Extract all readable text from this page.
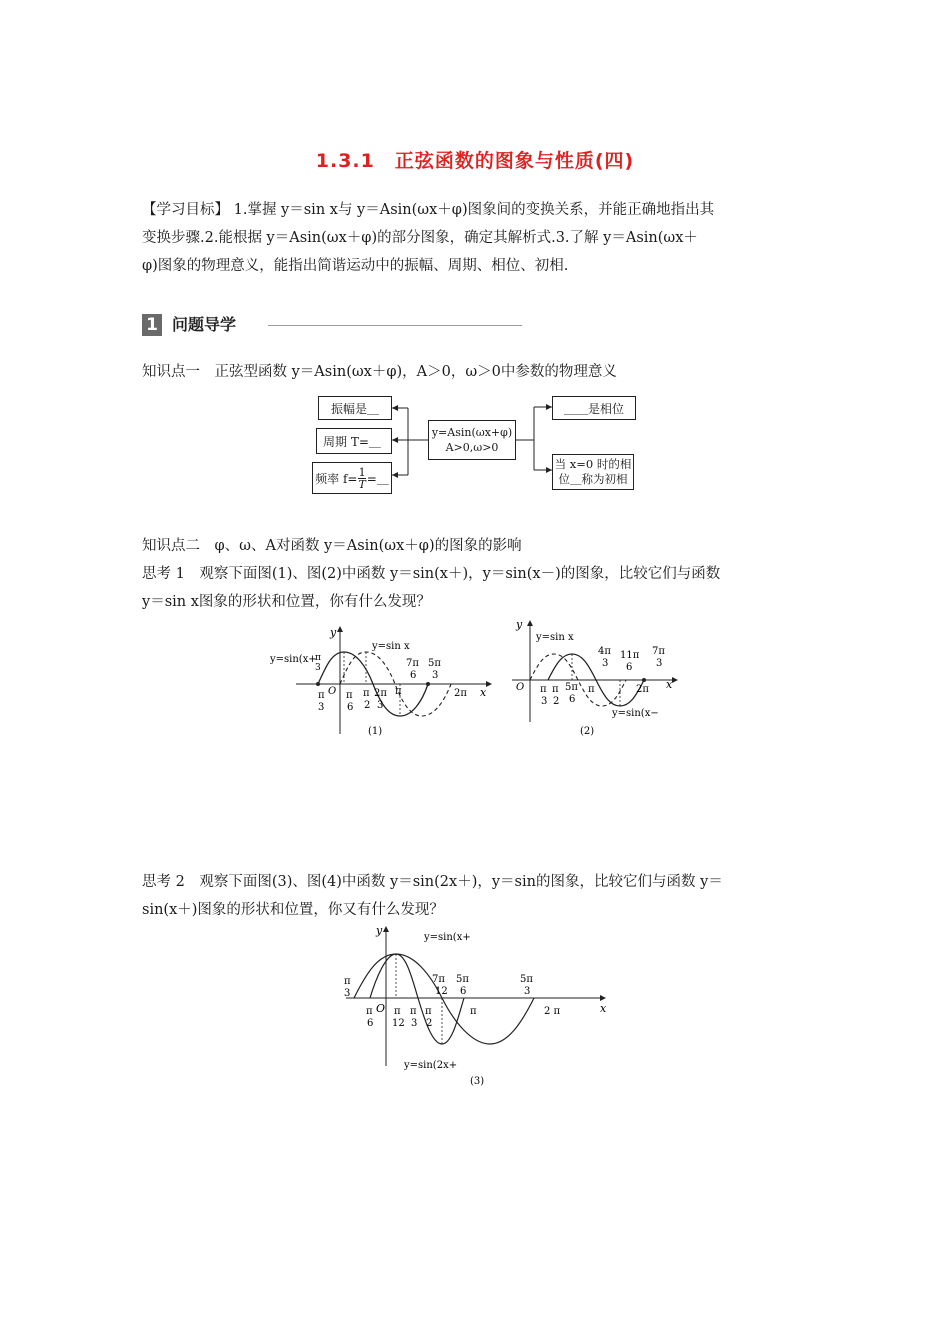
1.3.1　正弦函数的图象与性质(四)
【学习目标】 1.掌握 y＝sin x与 y＝Asin(ωx＋φ)图象间的变换关系，并能正确地指出其
变换步骤.2.能根据 y＝Asin(ωx＋φ)的部分图象，确定其解析式.3.了解 y＝Asin(ωx＋
φ)图象的物理意义，能指出简谐运动中的振幅、周期、相位、初相.
1 问题导学
知识点一　正弦型函数 y＝Asin(ωx＋φ)，A＞0，ω＞0中参数的物理意义
振幅是＿
周期 T=＿
频率 $f= \frac{1}{T}$ =＿
y=Asin(ωx+φ)
A>0,ω>0
＿＿是相位
当 x=0 时的相
位＿称为初相
知识点二　φ、ω、A对函数 y＝Asin(ωx＋φ)的图象的影响
思考 1　观察下面图(1)、图(2)中函数 y＝sin(x＋)，y＝sin(x－)的图象，比较它们与函数
y＝sin x图象的形状和位置，你有什么发现？
y
x
O
y=sin(x+
y=sin x
π
3	7π
6
5π
3
π
3
π
6
π
2
2π
3
π	2π
(1)
y
x
O
y=sin x
4π
3
11π
6
7π
3
π
3
π
2
5π
6
π	2π
y=sin(x−
(2)
思考 2　观察下面图(3)、图(4)中函数 y＝sin(2x＋)，y＝sin的图象，比较它们与函数 y＝
sin(x＋)图象的形状和位置，你又有什么发现？
y
x
O
y=sin(x+
π
3
7π
12
5π
6
5π
3
π
6
π
12
π
3
π
2
π	2 π
y=sin(2x+
(3)
